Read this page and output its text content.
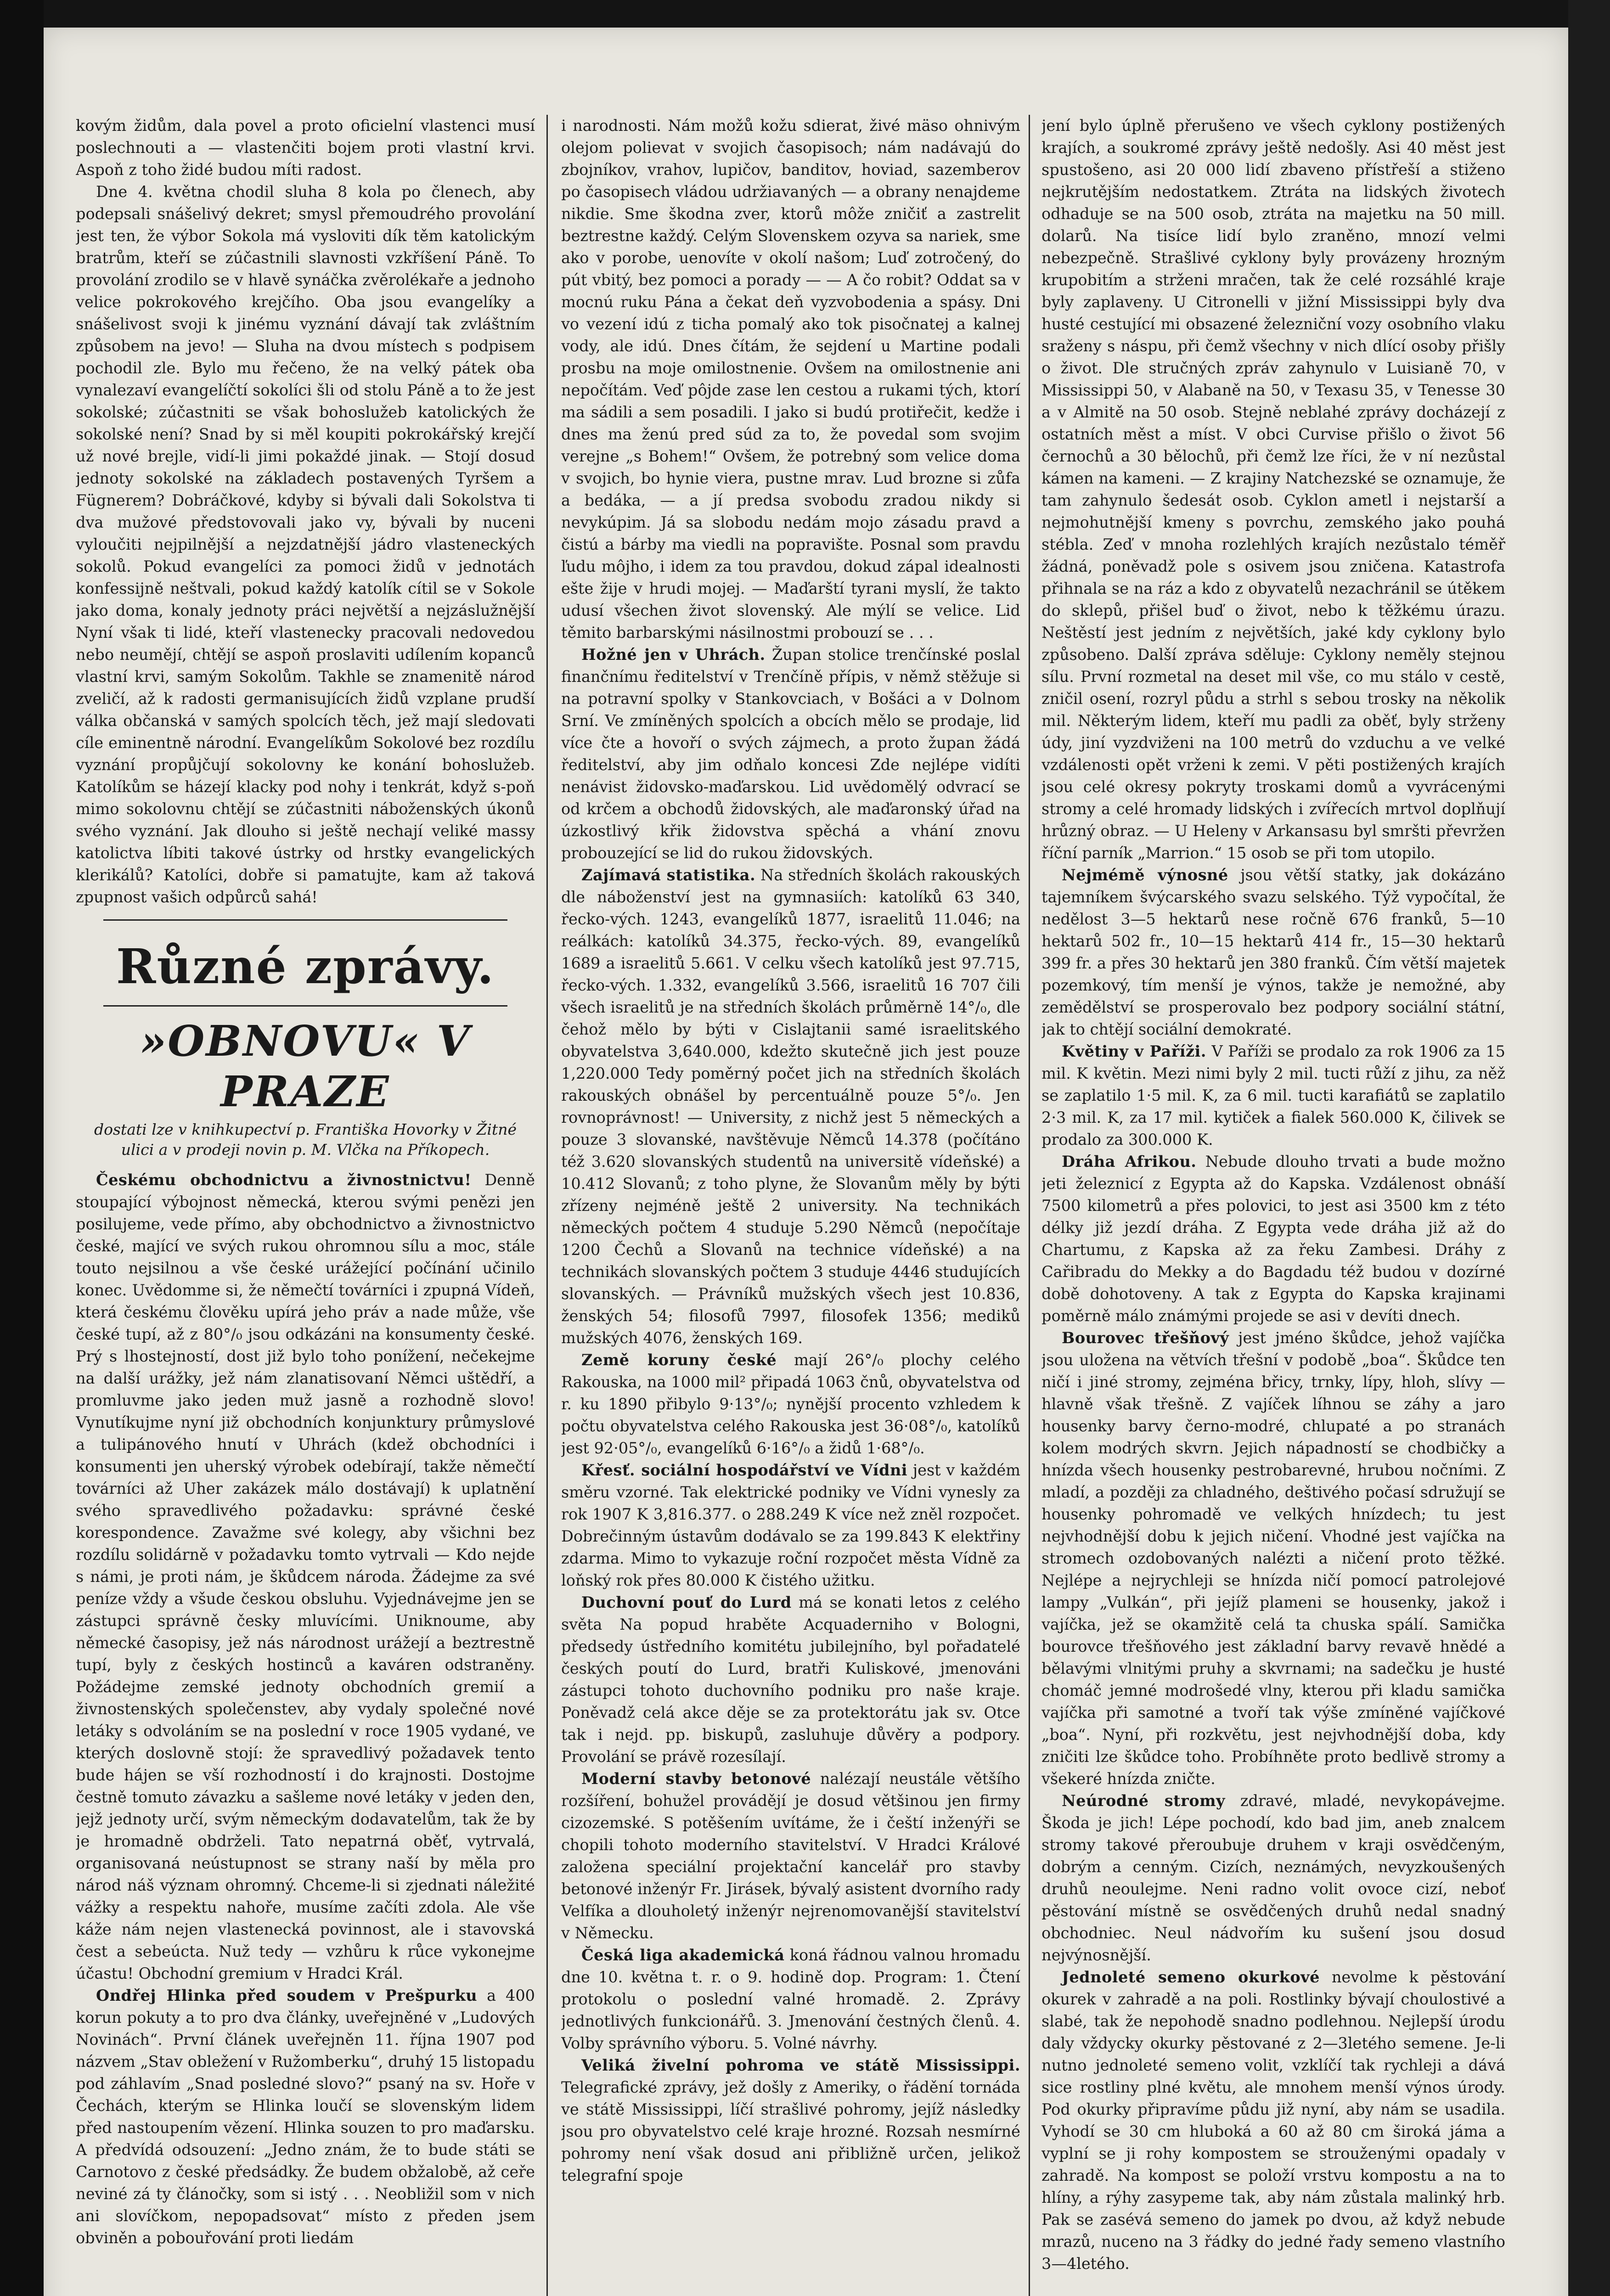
kovým židům, dala povel a proto oficielní vlastenci musí poslechnouti a — vlastenčiti bojem proti vlastní krvi. Aspoň z toho židé budou míti radost.

Dne 4. května chodil sluha 8 kola po členech, aby podepsali snášelivý dekret; smysl přemoudrého provolání jest ten, že výbor Sokola má vysloviti dík těm katolickým bratrům, kteří se zúčastnili slavnosti vzkříšení Páně. To provolání zrodilo se v hlavě synáčka zvěrolékaře a jednoho velice pokrokového krejčího. Oba jsou evangelíky a snášelivost svoji k jinému vyznání dávají tak zvláštním způsobem na jevo! — Sluha na dvou místech s podpisem pochodil zle. Bylo mu řečeno, že na velký pátek oba vynalezaví evangelíčtí sokolíci šli od stolu Páně a to že jest sokolské; zúčastniti se však bohoslužeb katolických že sokolské není? Snad by si měl koupiti pokrokářský krejčí už nové brejle, vidí-li jimi pokaždé jinak. — Stojí dosud jednoty sokolské na základech postavených Tyršem a Fügnerem? Dobráčkové, kdyby si bývali dali Sokolstva ti dva mužové předstovovali jako vy, bývali by nuceni vyloučiti nejpilnější a nejzdatnější jádro vlasteneckých sokolů. Pokud evangelíci za pomoci židů v jednotách konfessijně neštvali, pokud každý katolík cítil se v Sokole jako doma, konaly jednoty práci největší a nejzáslužnější Nyní však ti lidé, kteří vlastenecky pracovali nedovedou nebo neumějí, chtějí se aspoň proslaviti udílením kopanců vlastní krvi, samým Sokolům. Takhle se znamenitě národ zveličí, až k radosti germanisujících židů vzplane prudší válka občanská v samých spolcích těch, jež mají sledovati cíle eminentně národní. Evangelíkům Sokolové bez rozdílu vyznání propůjčují sokolovny ke konání bohoslužeb. Katolíkům se házejí klacky pod nohy i tenkrát, když s-poň mimo sokolovnu chtějí se zúčastniti náboženských úkonů svého vyznání. Jak dlouho si ještě nechají veliké massy katolictva líbiti takové ústrky od hrstky evangelických klerikálů? Katolíci, dobře si pamatujte, kam až taková zpupnost vašich odpůrců sahá!

Různé zprávy.
»OBNOVU« V PRAZE
dostati lze v knihkupectví p. Františka Hovorky v Žitné ulici a v prodeji novin p. M. Vlčka na Příkopech.

Českému obchodnictvu a živnostnictvu! Denně stoupající výbojnost německá, kterou svými penězi jen posilujeme, vede přímo, aby obchodnictvo a živnostnictvo české, mající ve svých rukou ohromnou sílu a moc, stále touto nejsilnou a vše české urážející počínání učinilo konec. Uvědomme si, že němečtí továrníci i zpupná Vídeň, která českému člověku upírá jeho práv a nade může, vše české tupí, až z 80°/₀ jsou odkázáni na konsumenty české. Prý s lhostejností, dost již bylo toho ponížení, nečekejme na další urážky, jež nám zlanatisovaní Němci uštědří, a promluvme jako jeden muž jasně a rozhodně slovo! Vynutíkujme nyní již obchodních konjunktury průmyslové a tulipánového hnutí v Uhrách (kdež obchodníci i konsumenti jen uherský výrobek odebírají, takže němečtí továrníci až Uher zakázek málo dostávají) k uplatnění svého spravedlivého požadavku: správné české korespondence. Zavažme své kolegy, aby všichni bez rozdílu solidárně v požadavku tomto vytrvali — Kdo nejde s námi, je proti nám, je škůdcem národa. Žádejme za své peníze vždy a všude českou obsluhu. Vyjednávejme jen se zástupci správně česky mluvícími. Uniknoume, aby německé časopisy, jež nás národnost urážejí a beztrestně tupí, byly z českých hostinců a kaváren odstraněny. Požádejme zemské jednoty obchodních gremií a živnostenských společenstev, aby vydaly společné nové letáky s odvoláním se na poslední v roce 1905 vydané, ve kterých doslovně stojí: že spravedlivý požadavek tento bude hájen se vší rozhodností i do krajnosti. Dostojme čestně tomuto závazku a sašleme nové letáky v jeden den, jejž jednoty určí, svým německým dodavatelům, tak že by je hromadně obdrželi. Tato nepatrná oběť, vytrvalá, organisovaná neústupnost se strany naší by měla pro národ náš význam ohromný. Chceme-li si zjednati náležité vážky a respektu nahoře, musíme začíti zdola. Ale vše káže nám nejen vlastenecká povinnost, ale i stavovská čest a sebeúcta. Nuž tedy — vzhůru k růce vykonejme účastu! Obchodní gremium v Hradci Král.

Ondřej Hlinka před soudem v Prešpurku a 400 korun pokuty a to pro dva články, uveřejněné v „Ludových Novinách“. První článek uveřejněn 11. října 1907 pod názvem „Stav obležení v Ružomberku“, druhý 15 listopadu pod záhlavím „Snad posledné slovo?“ psaný na sv. Hoře v Čechách, kterým se Hlinka loučí se slovenským lidem před nastoupením vězení. Hlinka souzen to pro maďarsku. A předvídá odsouzení: „Jedno znám, že to bude státi se Carnotovo z české předsádky. Že budem obžalobě, až ceře neviné zá ty článočky, som si istý . . . Neobližil som v nich ani slovíčkom, nepopadsovat“ místo z předen jsem obviněn a pobouřování proti liedám

i narodnosti. Nám možů kožu sdierat, živé mäso ohnivým olejom polievat v svojich časopisoch; nám nadávajú do zbojníkov, vrahov, lupičov, banditov, hoviad, sazemberov po časopisech vládou udržiavaných — a obrany nenajdeme nikdie. Sme škodna zver, ktorů môže zničiť a zastrelit beztrestne každý. Celým Slovenskem ozyva sa nariek, sme ako v porobe, uenovíte v okolí našom; Luď zotročený, do pút vbitý, bez pomoci a porady — — A čo robit? Oddat sa v mocnú ruku Pána a čekat deň vyzvobodenia a spásy. Dni vo vezení idú z ticha pomalý ako tok pisočnatej a kalnej vody, ale idú. Dnes čítám, že sejdení u Martine podali prosbu na moje omilostnenie. Ovšem na omilostnenie ani nepočítám. Veď pôjde zase len cestou a rukami tých, ktorí ma sádili a sem posadili. I jako si budú protiřečit, kedže i dnes ma ženú pred súd za to, že povedal som svojim verejne „s Bohem!“ Ovšem, že potrebný som velice doma v svojich, bo hynie viera, pustne mrav. Lud brozne si zůfa a bedáka, — a jí predsa svobodu zradou nikdy si nevykúpim. Já sa slobodu nedám mojo zásadu pravd a čistú a bárby ma viedli na popravište. Posnal som pravdu ľudu môjho, i idem za tou pravdou, dokud zápal idealnosti ešte žije v hrudi mojej. — Maďarští tyrani myslí, že takto udusí všechen život slovenský. Ale mýlí se velice. Lid těmito barbarskými násilnostmi probouzí se . . .

Hožné jen v Uhrách. Župan stolice trenčínské poslal finančnímu ředitelství v Trenčíně přípis, v němž stěžuje si na potravní spolky v Stankovciach, v Bošáci a v Dolnom Srní. Ve zmíněných spolcích a obcích mělo se prodaje, lid více čte a hovoří o svých zájmech, a proto župan žádá ředitelství, aby jim odňalo koncesi Zde nejlépe vidíti nenávist židovsko-maďarskou. Lid uvědomělý odvrací se od krčem a obchodů židovských, ale maďaronský úřad na úzkostlivý křik židovstva spěchá a vhání znovu probouzející se lid do rukou židovských.

Zajímavá statistika. Na středních školách rakouských dle náboženství jest na gymnasiích: katolíků 63 340, řecko-vých. 1243, evangelíků 1877, israelitů 11.046; na reálkách: katolíků 34.375, řecko-vých. 89, evangelíků 1689 a israelitů 5.661. V celku všech katolíků jest 97.715, řecko-vých. 1.332, evangelíků 3.566, israelitů 16 707 čili všech israelitů je na středních školách průměrně 14°/₀, dle čehož mělo by býti v Cislajtanii samé israelitského obyvatelstva 3,640.000, kdežto skutečně jich jest pouze 1,220.000 Tedy poměrný počet jich na středních školách rakouských obnášel by percentuálně pouze 5°/₀. Jen rovnoprávnost! — University, z nichž jest 5 německých a pouze 3 slovanské, navštěvuje Němců 14.378 (počítáno též 3.620 slovanských studentů na universitě vídeňské) a 10.412 Slovanů; z toho plyne, že Slovanům měly by býti zřízeny nejméně ještě 2 university. Na technikách německých počtem 4 studuje 5.290 Němců (nepočítaje 1200 Čechů a Slovanů na technice vídeňské) a na technikách slovanských počtem 3 studuje 4446 studujících slovanských. — Právníků mužských všech jest 10.836, ženských 54; filosofů 7997, filosofek 1356; mediků mužských 4076, ženských 169.

Země koruny české mají 26°/₀ plochy celého Rakouska, na 1000 mil² připadá 1063 čnů, obyvatelstva od r. ku 1890 přibylo 9·13°/₀; nynější procento vzhledem k počtu obyvatelstva celého Rakouska jest 36·08°/₀, katolíků jest 92·05°/₀, evangelíků 6·16°/₀ a židů 1·68°/₀.

Křesť. sociální hospodářství ve Vídni jest v každém směru vzorné. Tak elektrické podniky ve Vídni vynesly za rok 1907 K 3,816.377. o 288.249 K více než zněl rozpočet. Dobrečinným ústavům dodávalo se za 199.843 K elektřiny zdarma. Mimo to vykazuje roční rozpočet města Vídně za loňský rok přes 80.000 K čistého užitku.

Duchovní pouť do Lurd má se konati letos z celého světa Na popud hraběte Acquaderniho v Bologni, předsedy ústředního komitétu jubilejního, byl pořadatelé českých poutí do Lurd, bratři Kuliskové, jmenováni zástupci tohoto duchovního podniku pro naše kraje. Poněvadž celá akce děje se za protektorátu jak sv. Otce tak i nejd. pp. biskupů, zasluhuje důvěry a podpory. Provolání se právě rozesílají.

Moderní stavby betonové nalézají neustále většího rozšíření, bohužel provádějí je dosud většinou jen firmy cizozemské. S potěšením uvítáme, že i čeští inženýři se chopili tohoto moderního stavitelství. V Hradci Králové založena speciální projektační kancelář pro stavby betonové inženýr Fr. Jirásek, bývalý asistent dvorního rady Velfíka a dlouholetý inženýr nejrenomovanější stavitelství v Německu.

Česká liga akademická koná řádnou valnou hromadu dne 10. května t. r. o 9. hodině dop. Program: 1. Čtení protokolu o poslední valné hromadě. 2. Zprávy jednotlivých funkcionářů. 3. Jmenování čestných členů. 4. Volby správního výboru. 5. Volné návrhy.

Veliká živelní pohroma ve státě Mississippi. Telegrafické zprávy, jež došly z Ameriky, o řádění tornáda ve státě Mississippi, líčí strašlivé pohromy, jejíž následky jsou pro obyvatelstvo celé kraje hrozné. Rozsah nesmírné pohromy není však dosud ani přibližně určen, jelikož telegrafní spoje

jení bylo úplně přerušeno ve všech cyklony postižených krajích, a soukromé zprávy ještě nedošly. Asi 40 měst jest spustošeno, asi 20 000 lidí zbaveno přístřeší a stiženo nejkrutějším nedostatkem. Ztráta na lidských životech odhaduje se na 500 osob, ztráta na majetku na 50 mill. dolarů. Na tisíce lidí bylo zraněno, mnozí velmi nebezpečně. Strašlivé cyklony byly provázeny hrozným krupobitím a strženi mračen, tak že celé rozsáhlé kraje byly zaplaveny. U Citronelli v jižní Mississippi byly dva husté cestující mi obsazené železniční vozy osobního vlaku sraženy s náspu, při čemž všechny v nich dlící osoby přišly o život. Dle stručných zpráv zahynulo v Luisianě 70, v Mississippi 50, v Alabaně na 50, v Texasu 35, v Tenesse 30 a v Almitě na 50 osob. Stejně neblahé zprávy docházejí z ostatních měst a míst. V obci Curvise přišlo o život 56 černochů a 30 bělochů, při čemž lze říci, že v ní nezůstal kámen na kameni. — Z krajiny Natchezské se oznamuje, že tam zahynulo šedesát osob. Cyklon ametl i nejstarší a nejmohutnější kmeny s povrchu, zemského jako pouhá stébla. Zeď v mnoha rozlehlých krajích nezůstalo téměř žádná, poněvadž pole s osivem jsou zničena. Katastrofa přihnala se na ráz a kdo z obyvatelů nezachránil se útěkem do sklepů, přišel buď o život, nebo k těžkému úrazu. Neštěstí jest jedním z největších, jaké kdy cyklony bylo způsobeno. Další zpráva sděluje: Cyklony neměly stejnou sílu. První rozmetal na deset mil vše, co mu stálo v cestě, zničil osení, rozryl půdu a strhl s sebou trosky na několik mil. Některým lidem, kteří mu padli za oběť, byly strženy údy, jiní vyzdviženi na 100 metrů do vzduchu a ve velké vzdálenosti opět vrženi k zemi. V pěti postižených krajích jsou celé okresy pokryty troskami domů a vyvrácenými stromy a celé hromady lidských i zvířecích mrtvol doplňují hrůzný obraz. — U Heleny v Arkansasu byl smršti převržen říční parník „Marrion.“ 15 osob se při tom utopilo.

Nejmémě výnosné jsou větší statky, jak dokázáno tajemníkem švýcarského svazu selského. Týž vypočítal, že nedělost 3—5 hektarů nese ročně 676 franků, 5—10 hektarů 502 fr., 10—15 hektarů 414 fr., 15—30 hektarů 399 fr. a přes 30 hektarů jen 380 franků. Čím větší majetek pozemkový, tím menší je výnos, takže je nemožné, aby zemědělství se prosperovalo bez podpory sociální státní, jak to chtějí sociální demokraté.

Květiny v Paříži. V Paříži se prodalo za rok 1906 za 15 mil. K květin. Mezi nimi byly 2 mil. tucti růží z jihu, za něž se zaplatilo 1·5 mil. K, za 6 mil. tucti karafiátů se zaplatilo 2·3 mil. K, za 17 mil. kytiček a fialek 560.000 K, čilivek se prodalo za 300.000 K.

Dráha Afrikou. Nebude dlouho trvati a bude možno jeti železnicí z Egypta až do Kapska. Vzdálenost obnáší 7500 kilometrů a přes polovici, to jest asi 3500 km z této délky již jezdí dráha. Z Egypta vede dráha již až do Chartumu, z Kapska až za řeku Zambesi. Dráhy z Cařibradu do Mekky a do Bagdadu též budou v dozírné době dohotoveny. A tak z Egypta do Kapska krajinami poměrně málo známými projede se asi v devíti dnech.

Bourovec třešňový jest jméno škůdce, jehož vajíčka jsou uložena na větvích třešní v podobě „boa“. Škůdce ten ničí i jiné stromy, zejména břicy, trnky, lípy, hloh, slívy — hlavně však třešně. Z vajíček líhnou se záhy a jaro housenky barvy černo-modré, chlupaté a po stranách kolem modrých skvrn. Jejich nápadností se chodbičky a hnízda všech housenky pestrobarevné, hrubou nočními. Z mladí, a později za chladného, deštivého počasí sdružují se housenky pohromadě ve velkých hnízdech; tu jest nejvhodnější dobu k jejich ničení. Vhodné jest vajíčka na stromech ozdobovaných nalézti a ničení proto těžké. Nejlépe a nejrychleji se hnízda ničí pomocí patrolejové lampy „Vulkán“, při jejíž plameni se housenky, jakož i vajíčka, jež se okamžitě celá ta chuska spálí. Samička bourovce třešňového jest základní barvy revavě hnědé a bělavými vlnitými pruhy a skvrnami; na sadečku je husté chomáč jemné modrošedé vlny, kterou při kladu samička vajíčka při samotné a tvoří tak výše zmíněné vajíčkové „boa“. Nyní, při rozkvětu, jest nejvhodnější doba, kdy zničiti lze škůdce toho. Probíhněte proto bedlivě stromy a všekeré hnízda zničte.

Neúrodné stromy zdravé, mladé, nevykopávejme. Škoda je jich! Lépe pochodí, kdo bad jim, aneb znalcem stromy takové přeroubuje druhem v kraji osvědčeným, dobrým a cenným. Cizích, neznámých, nevyzkoušených druhů neoulejme. Neni radno volit ovoce cizí, neboť pěstování místně se osvědčených druhů nedal snadný obchodniec. Neul nádvořím ku sušení jsou dosud nejvýnosnější.

Jednoleté semeno okurkové nevolme k pěstování okurek v zahradě a na poli. Rostlinky bývají choulostivé a slabé, tak že nepohodě snadno podlehnou. Nejlepší úrodu daly vždycky okurky pěstované z 2—3letého semene. Je-li nutno jednoleté semeno volit, vzklíčí tak rychleji a dává sice rostliny plné květu, ale mnohem menší výnos úrody. Pod okurky připravíme půdu již nyní, aby nám se usadila. Vyhodí se 30 cm hluboká a 60 až 80 cm široká jáma a vyplní se ji rohy kompostem se strouženými opadaly v zahradě. Na kompost se položí vrstvu kompostu a na to hlíny, a rýhy zasypeme tak, aby nám zůstala malinký hrb. Pak se zasévá semeno do jamek po dvou, až když nebude mrazů, nuceno na 3 řádky do jedné řady semeno vlastního 3—4letého.
